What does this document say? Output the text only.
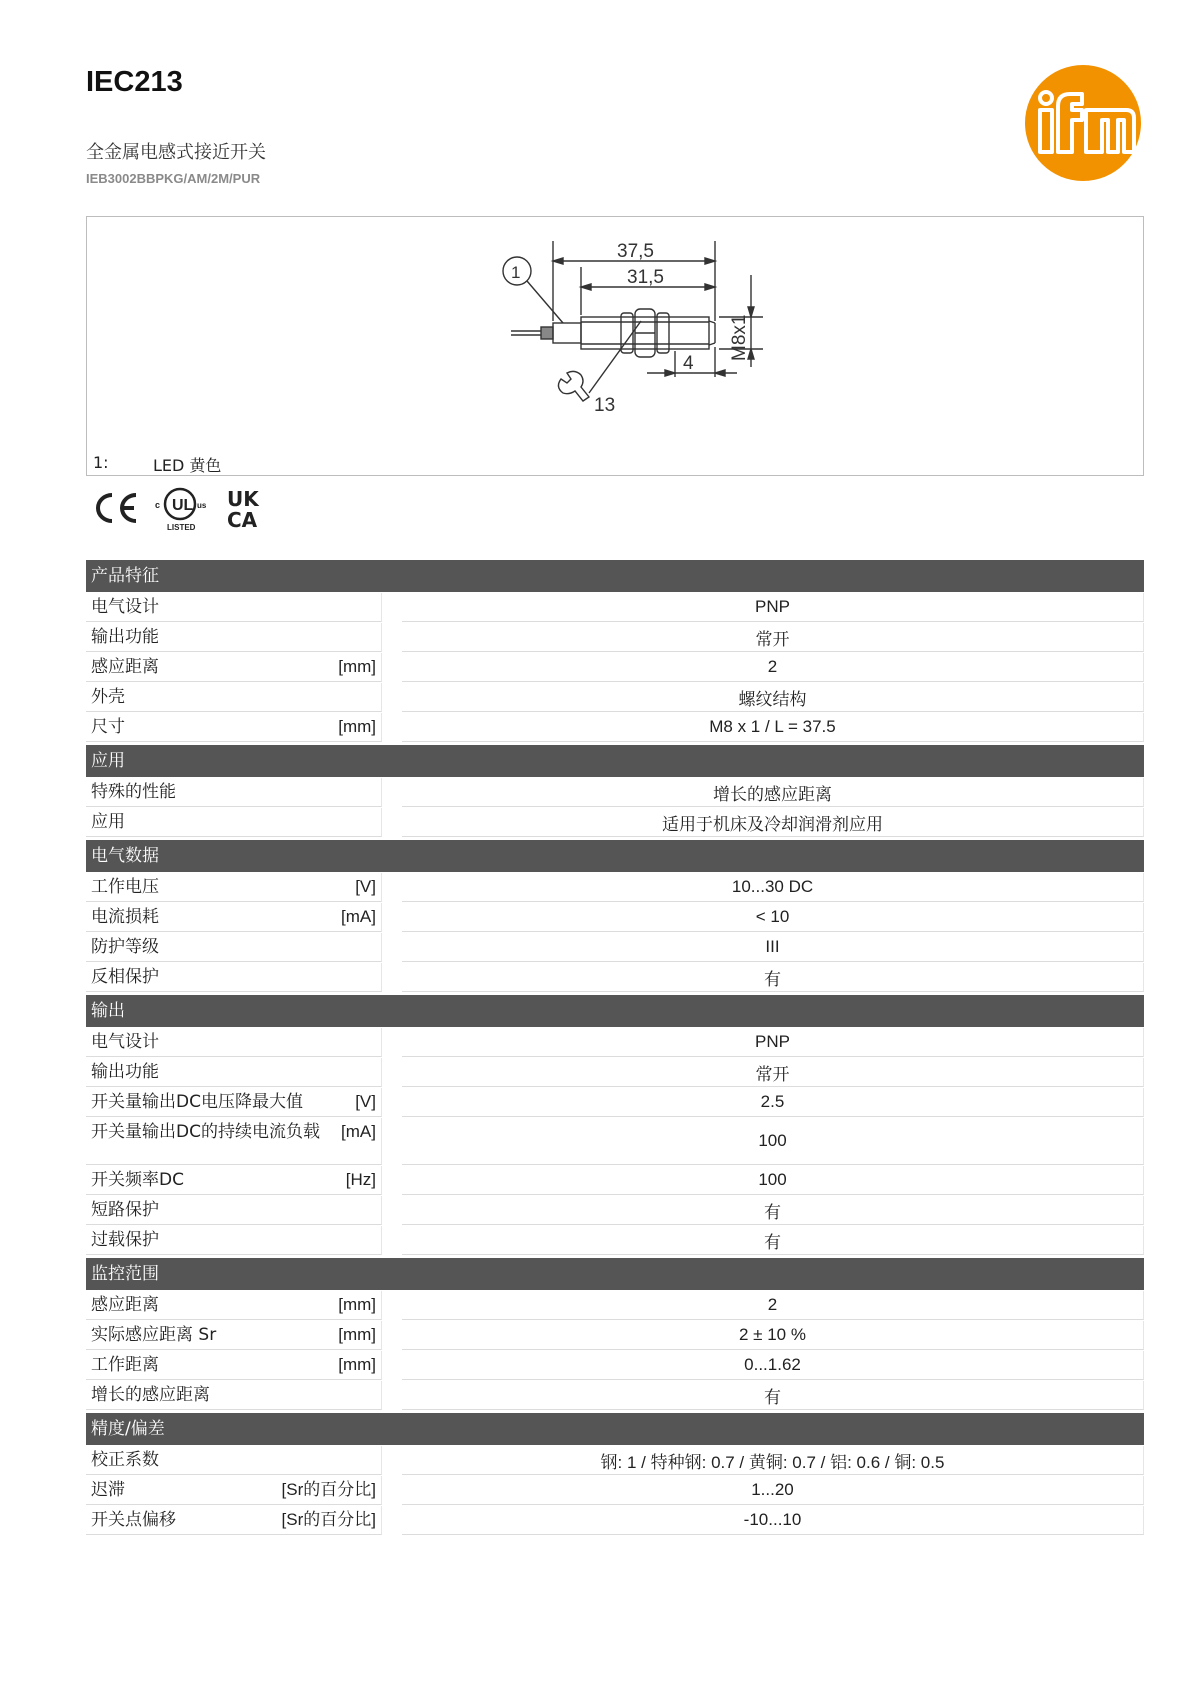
IEC213
全金属电感式接近开关
IEB3002BBPKG/AM/2M/PUR
37,5
31,5
4
13
1
M8x1
1:	LED 黄色
UL
c	us
LISTED
UK
CA
产品特征
电气设计	PNP
输出功能	常开
感应距离	[mm]	2
外壳	螺纹结构
尺寸	[mm]	M8 x 1 / L = 37.5
应用
特殊的性能	增长的感应距离
应用	适用于机床及冷却润滑剂应用
电气数据
工作电压	[V]	10...30 DC
电流损耗	[mA]	< 10
防护等级	III
反相保护	有
输出
电气设计	PNP
输出功能	常开
开关量输出DC电压降最大值	[V]	2.5
开关量输出DC的持续电流负载 [mA]	100
开关频率DC	[Hz]	100
短路保护	有
过载保护	有
监控范围
感应距离	[mm]	2
实际感应距离 Sr	[mm]	2 ± 10 %
工作距离	[mm]	0...1.62
增长的感应距离	有
精度/偏差
校正系数	钢: 1 / 特种钢: 0.7 / 黄铜: 0.7 / 铝: 0.6 / 铜: 0.5
迟滞	[Sr的百分比]	1...20
开关点偏移	[Sr的百分比]	-10...10
